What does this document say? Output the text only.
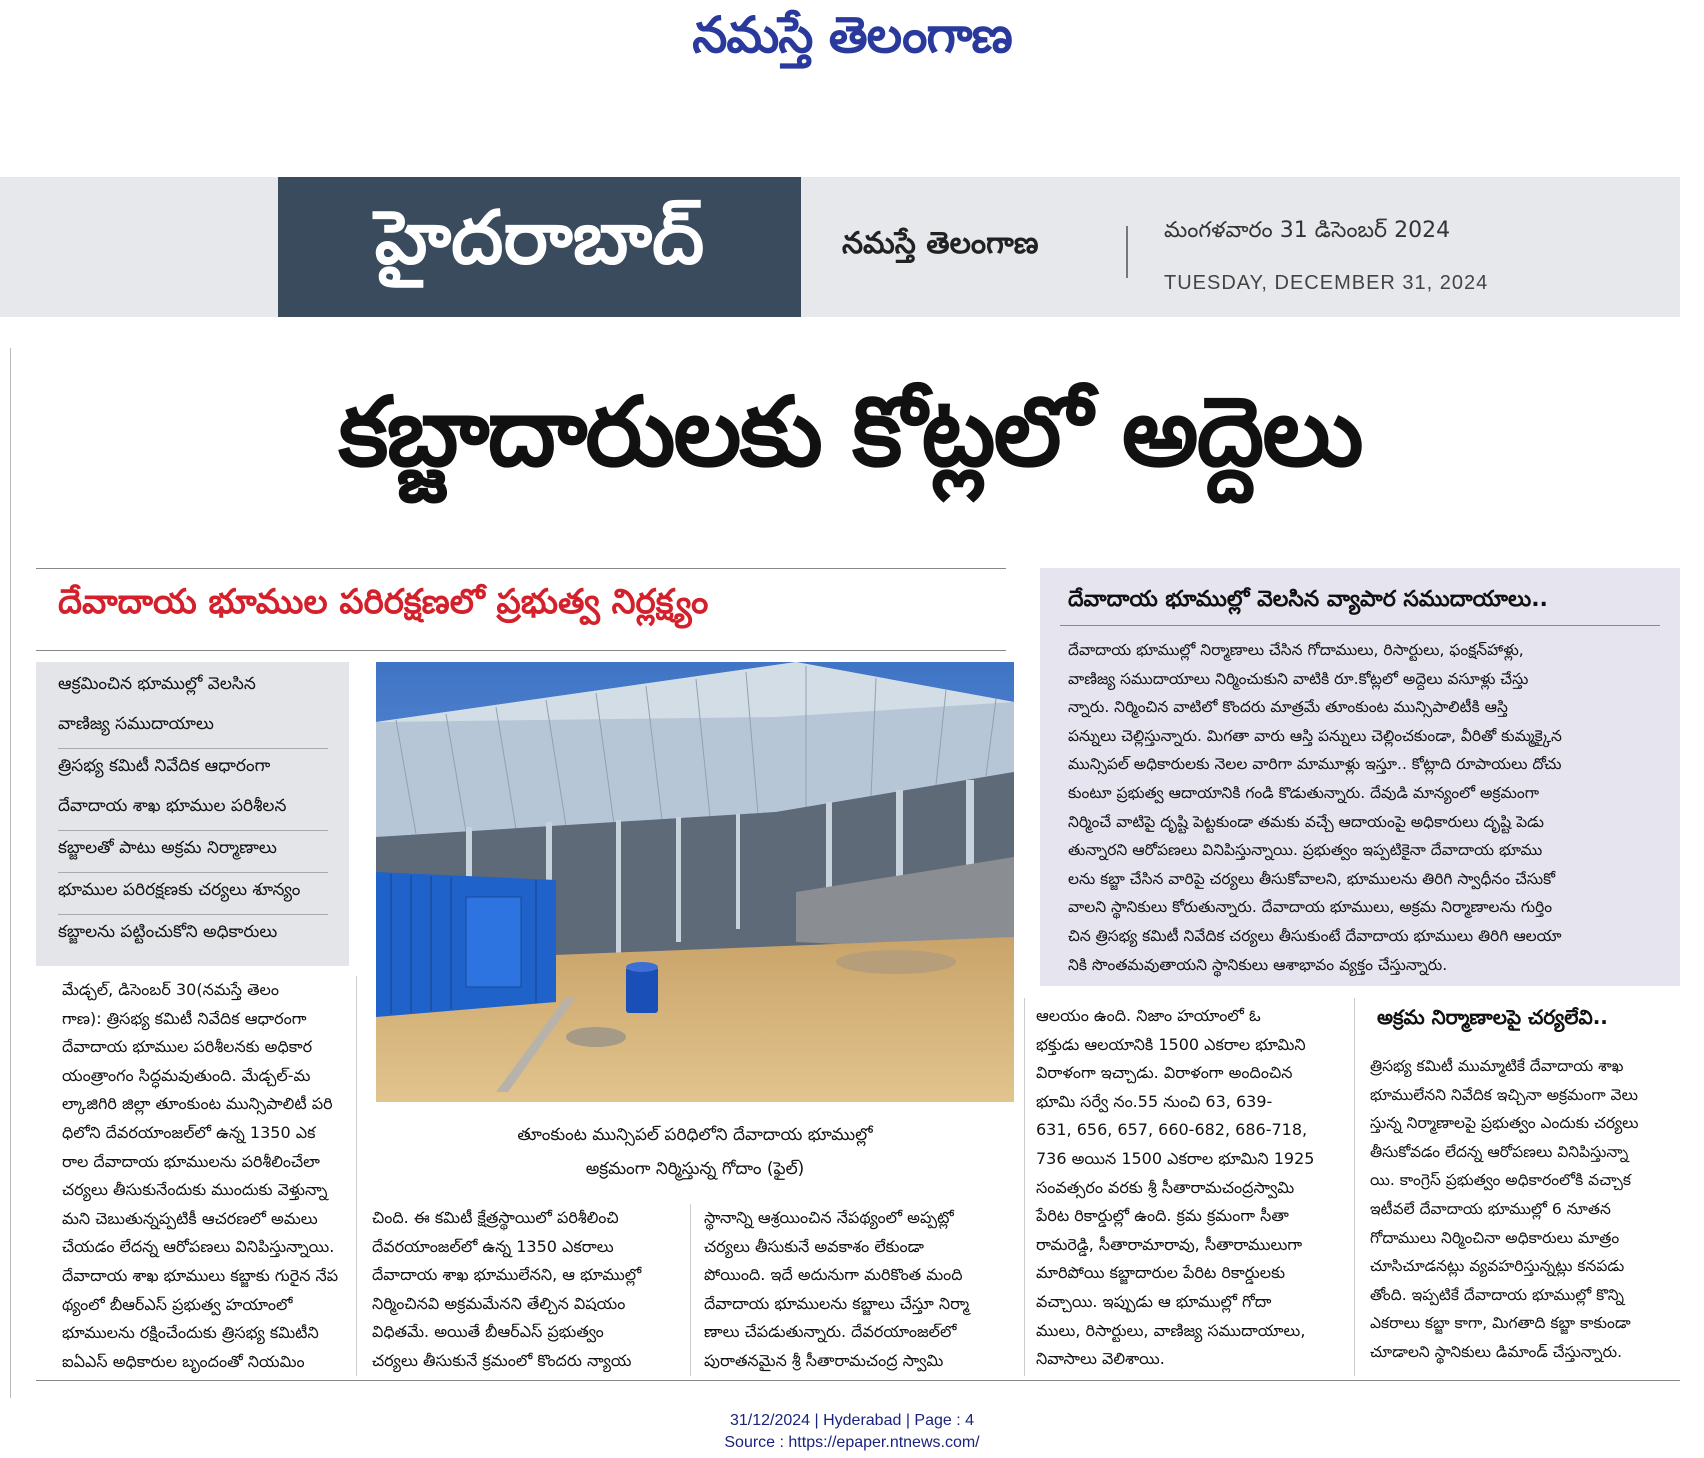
నమస్తే తెలంగాణ
హైదరాబాద్	నమస్తే తెలంగాణ	మంగళవారం 31 డిసెంబర్ 2024
TUESDAY, DECEMBER 31, 2024
కబ్జాదారులకు కోట్లలో అద్దెలు
దేవాదాయ భూముల పరిరక్షణలో ప్రభుత్వ నిర్లక్ష్యం
ఆక్రమించిన భూముల్లో వెలసిన
వాణిజ్య సముదాయాలు
త్రిసభ్య కమిటీ నివేదిక ఆధారంగా
దేవాదాయ శాఖ భూముల పరిశీలన
కబ్జాలతో పాటు అక్రమ నిర్మాణాలు
భూముల పరిరక్షణకు చర్యలు శూన్యం
కబ్జాలను పట్టించుకోని అధికారులు
తూంకుంట మున్సిపల్ పరిధిలోని దేవాదాయ భూముల్లో
అక్రమంగా నిర్మిస్తున్న గోదాం (ఫైల్)
మేడ్చల్, డిసెంబర్ 30(నమస్తే తెలం
గాణ): త్రిసభ్య కమిటీ నివేదిక ఆధారంగా
దేవాదాయ భూముల పరిశీలనకు అధికార
యంత్రాంగం సిద్ధమవుతుంది. మేడ్చల్-మ
ల్కాజిగిరి జిల్లా తూంకుంట మున్సిపాలిటీ పరి
ధిలోని దేవరయాంజల్‌లో ఉన్న 1350 ఎక
రాల దేవాదాయ భూములను పరిశీలించేలా
చర్యలు తీసుకునేందుకు ముందుకు వెళ్తున్నా
మని చెబుతున్నప్పటికీ ఆచరణలో అమలు
చేయడం లేదన్న ఆరోపణలు వినిపిస్తున్నాయి.
దేవాదాయ శాఖ భూములు కబ్జాకు గురైన నేప
థ్యంలో బీఆర్‌ఎస్ ప్రభుత్వ హయాంలో
భూములను రక్షించేందుకు త్రిసభ్య కమిటీని
ఐఏఎస్ అధికారుల బృందంతో నియమిం
చింది. ఈ కమిటీ క్షేత్రస్థాయిలో పరిశీలించి
దేవరయాంజల్‌లో ఉన్న 1350 ఎకరాలు
దేవాదాయ శాఖ భూములేనని, ఆ భూముల్లో
నిర్మించినవి అక్రమమేనని తేల్చిన విషయం
విధితమే. అయితే బీఆర్‌ఎస్ ప్రభుత్వం
చర్యలు తీసుకునే క్రమంలో కొందరు న్యాయ
స్థానాన్ని ఆశ్రయించిన నేపథ్యంలో అప్పట్లో
చర్యలు తీసుకునే అవకాశం లేకుండా
పోయింది. ఇదే అదునుగా మరికొంత మంది
దేవాదాయ భూములను కబ్జాలు చేస్తూ నిర్మా
ణాలు చేపడుతున్నారు. దేవరయాంజల్‌లో
పురాతనమైన శ్రీ సీతారామచంద్ర స్వామి
దేవాదాయ భూముల్లో వెలసిన వ్యాపార సముదాయాలు..
దేవాదాయ భూముల్లో నిర్మాణాలు చేసిన గోదాములు, రిసార్టులు, ఫంక్షన్‌హాళ్లు,
వాణిజ్య సముదాయాలు నిర్మించుకుని వాటికి రూ.కోట్లలో అద్దెలు వసూళ్లు చేస్తు
న్నారు. నిర్మించిన వాటిలో కొందరు మాత్రమే తూంకుంట మున్సిపాలిటీకి ఆస్తి
పన్నులు చెల్లిస్తున్నారు. మిగతా వారు ఆస్తి పన్నులు చెల్లించకుండా, వీరితో కుమ్మక్కైన
మున్సిపల్ అధికారులకు నెలల వారిగా మామూళ్లు ఇస్తూ.. కోట్లాది రూపాయలు దోచు
కుంటూ ప్రభుత్వ ఆదాయానికి గండి కొడుతున్నారు. దేవుడి మాన్యంలో అక్రమంగా
నిర్మించే వాటిపై దృష్టి పెట్టకుండా తమకు వచ్చే ఆదాయంపై అధికారులు దృష్టి పెడు
తున్నారని ఆరోపణలు వినిపిస్తున్నాయి. ప్రభుత్వం ఇప్పటికైనా దేవాదాయ భూము
లను కబ్జా చేసిన వారిపై చర్యలు తీసుకోవాలని, భూములను తిరిగి స్వాధీనం చేసుకో
వాలని స్థానికులు కోరుతున్నారు. దేవాదాయ భూములు, అక్రమ నిర్మాణాలను గుర్తిం
చిన త్రిసభ్య కమిటీ నివేదిక చర్యలు తీసుకుంటే దేవాదాయ భూములు తిరిగి ఆలయా
నికి సొంతమవుతాయని స్థానికులు ఆశాభావం వ్యక్తం చేస్తున్నారు.
ఆలయం ఉంది. నిజాం హయాంలో ఓ
భక్తుడు ఆలయానికి 1500 ఎకరాల భూమిని
విరాళంగా ఇచ్చాడు. విరాళంగా అందించిన
భూమి సర్వే నం.55 నుంచి 63, 639-
631, 656, 657, 660-682, 686-718,
736 అయిన 1500 ఎకరాల భూమిని 1925
సంవత్సరం వరకు శ్రీ సీతారామచంద్రస్వామి
పేరిట రికార్డుల్లో ఉంది. క్రమ క్రమంగా సీతా
రామరెడ్డి, సీతారామారావు, సీతారాములుగా
మారిపోయి కబ్జాదారుల పేరిట రికార్డులకు
వచ్చాయి. ఇప్పుడు ఆ భూముల్లో గోదా
ములు, రిసార్టులు, వాణిజ్య సముదాయాలు,
నివాసాలు వెలిశాయి.
అక్రమ నిర్మాణాలపై చర్యలేవి..
త్రిసభ్య కమిటీ ముమ్మాటికే దేవాదాయ శాఖ
భూములేనని నివేదిక ఇచ్చినా అక్రమంగా వెలు
స్తున్న నిర్మాణాలపై ప్రభుత్వం ఎందుకు చర్యలు
తీసుకోవడం లేదన్న ఆరోపణలు వినిపిస్తున్నా
యి. కాంగ్రెస్ ప్రభుత్వం అధికారంలోకి వచ్చాక
ఇటీవలే దేవాదాయ భూముల్లో 6 నూతన
గోదాములు నిర్మించినా అధికారులు మాత్రం
చూసిచూడనట్లు వ్యవహరిస్తున్నట్లు కనపడు
తోంది. ఇప్పటికే దేవాదాయ భూముల్లో కొన్ని
ఎకరాలు కబ్జా కాగా, మిగతాది కబ్జా కాకుండా
చూడాలని స్థానికులు డిమాండ్ చేస్తున్నారు.
31/12/2024 | Hyderabad | Page : 4
Source : https://epaper.ntnews.com/
